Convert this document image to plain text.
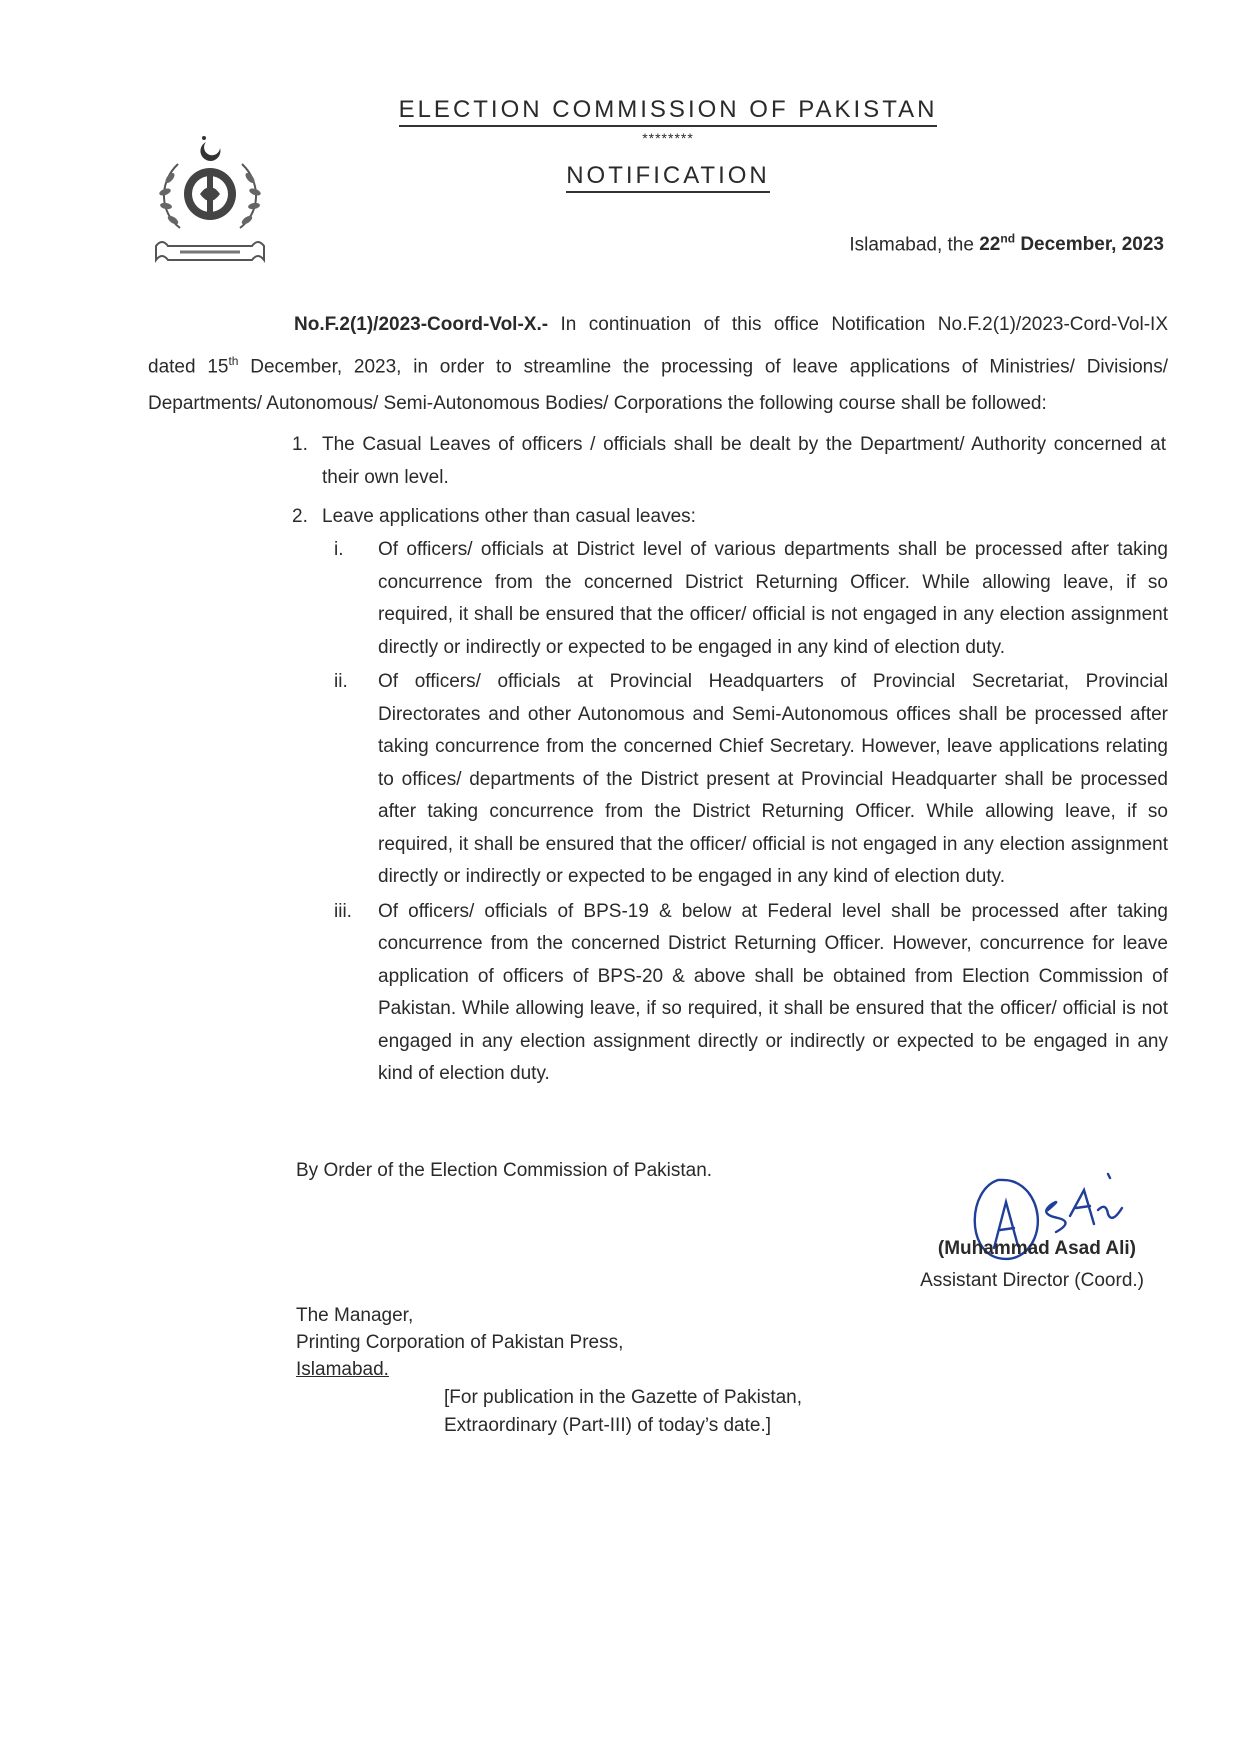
ELECTION COMMISSION OF PAKISTAN
********
NOTIFICATION
Islamabad, the 22nd December, 2023
No.F.2(1)/2023-Coord-Vol-X.- In continuation of this office Notification No.F.2(1)/2023-Cord-Vol-IX dated 15th December, 2023, in order to streamline the processing of leave applications of Ministries/ Divisions/ Departments/ Autonomous/ Semi-Autonomous Bodies/ Corporations the following course shall be followed:
1. The Casual Leaves of officers / officials shall be dealt by the Department/ Authority concerned at their own level.
2. Leave applications other than casual leaves:
i. Of officers/ officials at District level of various departments shall be processed after taking concurrence from the concerned District Returning Officer. While allowing leave, if so required, it shall be ensured that the officer/ official is not engaged in any election assignment directly or indirectly or expected to be engaged in any kind of election duty.
ii. Of officers/ officials at Provincial Headquarters of Provincial Secretariat, Provincial Directorates and other Autonomous and Semi-Autonomous offices shall be processed after taking concurrence from the concerned Chief Secretary. However, leave applications relating to offices/ departments of the District present at Provincial Headquarter shall be processed after taking concurrence from the District Returning Officer. While allowing leave, if so required, it shall be ensured that the officer/ official is not engaged in any election assignment directly or indirectly or expected to be engaged in any kind of election duty.
iii. Of officers/ officials of BPS-19 & below at Federal level shall be processed after taking concurrence from the concerned District Returning Officer. However, concurrence for leave application of officers of BPS-20 & above shall be obtained from Election Commission of Pakistan. While allowing leave, if so required, it shall be ensured that the officer/ official is not engaged in any election assignment directly or indirectly or expected to be engaged in any kind of election duty.
By Order of the Election Commission of Pakistan.
(Muhammad Asad Ali)
Assistant Director (Coord.)
The Manager,
Printing Corporation of Pakistan Press,
Islamabad.
[For publication in the Gazette of Pakistan,
Extraordinary (Part-III) of today’s date.]
